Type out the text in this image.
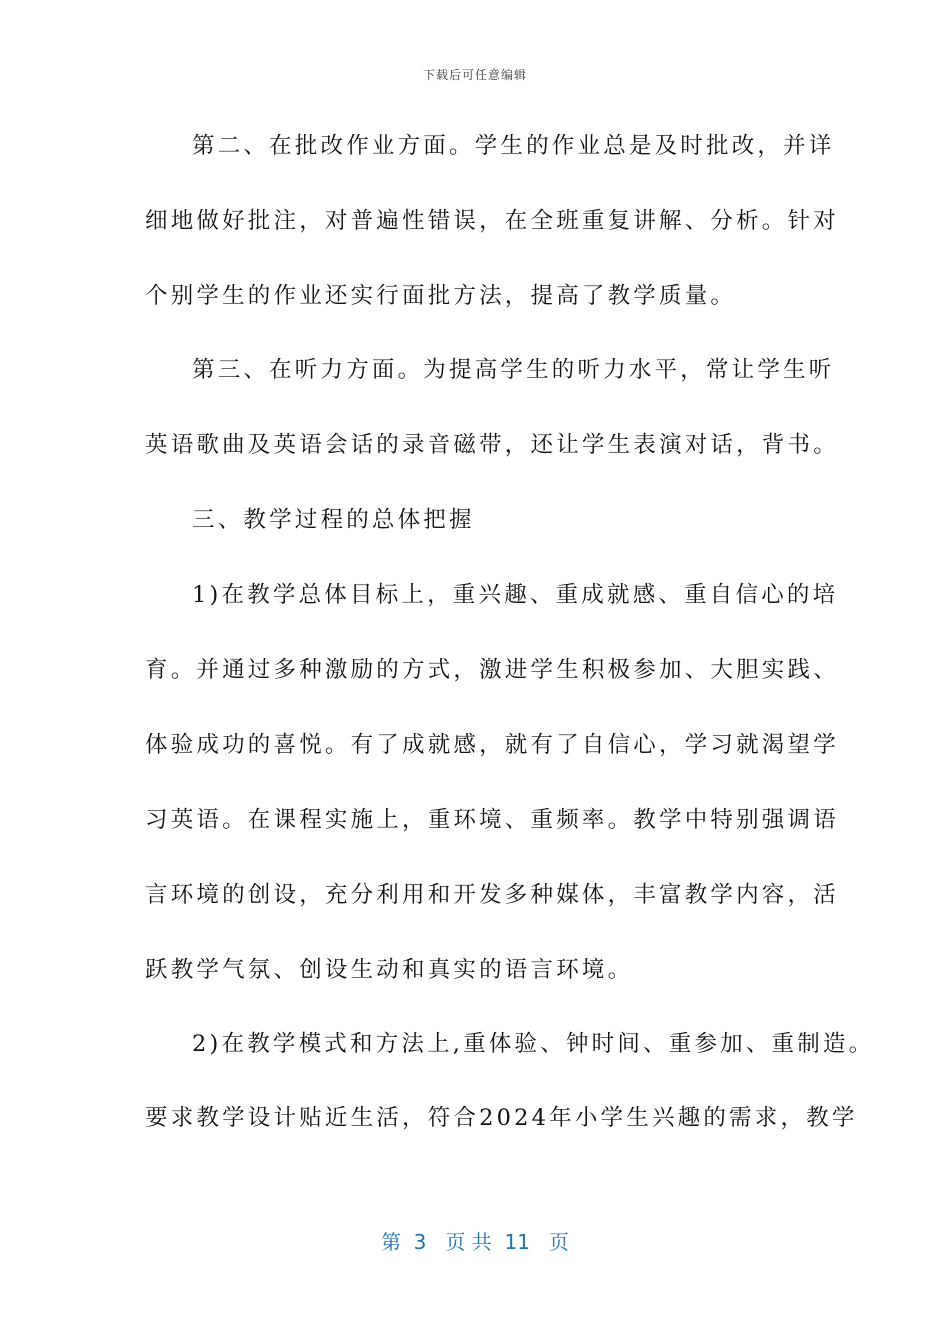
下载后可任意编辑
第二、在批改作业方面。学生的作业总是及时批改，并详
细地做好批注，对普遍性错误，在全班重复讲解、分析。针对
个别学生的作业还实行面批方法，提高了教学质量。
第三、在听力方面。为提高学生的听力水平，常让学生听
英语歌曲及英语会话的录音磁带，还让学生表演对话，背书。
三、教学过程的总体把握
1)在教学总体目标上，重兴趣、重成就感、重自信心的培
育。并通过多种激励的方式，激进学生积极参加、大胆实践、
体验成功的喜悦。有了成就感，就有了自信心，学习就渴望学
习英语。在课程实施上，重环境、重频率。教学中特别强调语
言环境的创设，充分利用和开发多种媒体，丰富教学内容，活
跃教学气氛、创设生动和真实的语言环境。
2)在教学模式和方法上,重体验、钟时间、重参加、重制造。
要求教学设计贴近生活，符合2024年小学生兴趣的需求，教学
第  3   页 共  11   页
